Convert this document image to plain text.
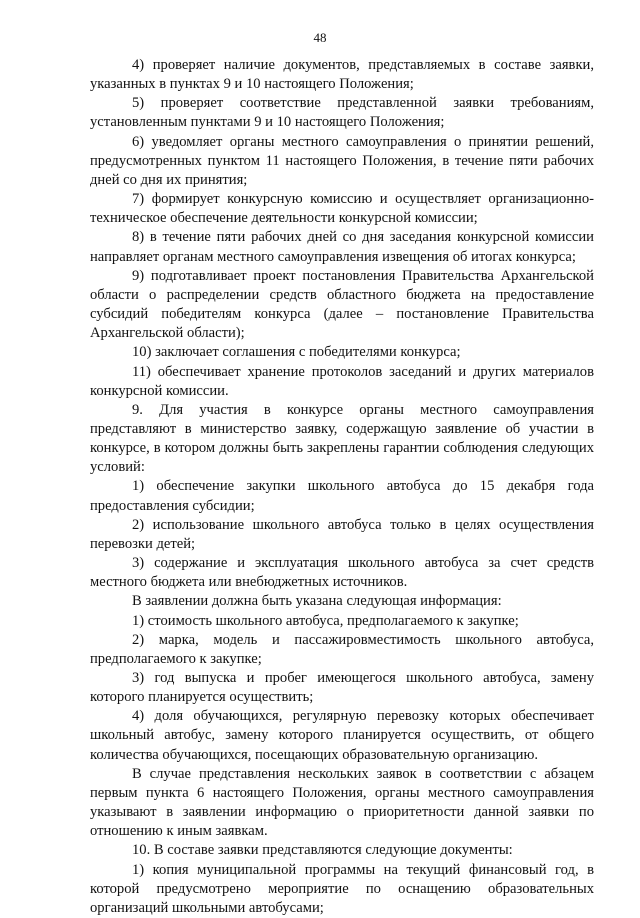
48

4) проверяет наличие документов, представляемых в составе заявки, указанных в пунктах 9 и 10 настоящего Положения;

5) проверяет соответствие представленной заявки требованиям, установленным пунктами 9 и 10 настоящего Положения;

6) уведомляет органы местного самоуправления о принятии решений, предусмотренных пунктом 11 настоящего Положения, в течение пяти рабочих дней со дня их принятия;

7) формирует конкурсную комиссию и осуществляет организационно-техническое обеспечение деятельности конкурсной комиссии;

8) в течение пяти рабочих дней со дня заседания конкурсной комиссии направляет органам местного самоуправления извещения об итогах конкурса;

9) подготавливает проект постановления Правительства Архангельской области о распределении средств областного бюджета на предоставление субсидий победителям конкурса (далее – постановление Правительства Архангельской области);

10) заключает соглашения с победителями конкурса;

11) обеспечивает хранение протоколов заседаний и других материалов конкурсной комиссии.

9. Для участия в конкурсе органы местного самоуправления представляют в министерство заявку, содержащую заявление об участии в конкурсе, в котором должны быть закреплены гарантии соблюдения следующих условий:

1) обеспечение закупки школьного автобуса до 15 декабря года предоставления субсидии;

2) использование школьного автобуса только в целях осуществления перевозки детей;

3) содержание и эксплуатация школьного автобуса за счет средств местного бюджета или внебюджетных источников.

В заявлении должна быть указана следующая информация:

1) стоимость школьного автобуса, предполагаемого к закупке;

2) марка, модель и пассажировместимость школьного автобуса, предполагаемого к закупке;

3) год выпуска и пробег имеющегося школьного автобуса, замену которого планируется осуществить;

4) доля обучающихся, регулярную перевозку которых обеспечивает школьный автобус, замену которого планируется осуществить, от общего количества обучающихся, посещающих образовательную организацию.

В случае представления нескольких заявок в соответствии с абзацем первым пункта 6 настоящего Положения, органы местного самоуправления указывают в заявлении информацию о приоритетности данной заявки по отношению к иным заявкам.

10. В составе заявки представляются следующие документы:

1) копия муниципальной программы на текущий финансовый год, в которой предусмотрено мероприятие по оснащению образовательных организаций школьными автобусами;
